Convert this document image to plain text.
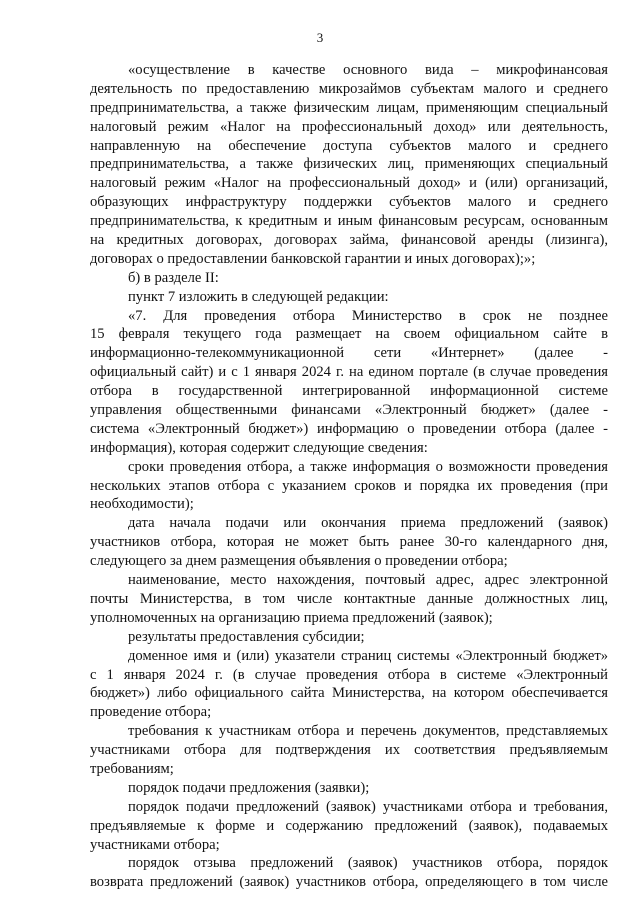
3
«осуществление в качестве основного вида – микрофинансовая
деятельность по предоставлению микрозаймов субъектам малого и среднего
предпринимательства, а также физическим лицам, применяющим специальный
налоговый режим «Налог на профессиональный доход» или деятельность,
направленную на обеспечение доступа субъектов малого и среднего
предпринимательства, а также физических лиц, применяющих специальный
налоговый режим «Налог на профессиональный доход» и (или) организаций,
образующих инфраструктуру поддержки субъектов малого и среднего
предпринимательства, к кредитным и иным финансовым ресурсам, основанным
на кредитных договорах, договорах займа, финансовой аренды (лизинга),
договорах о предоставлении банковской гарантии и иных договорах);»;
б) в разделе II:
пункт 7 изложить в следующей редакции:
«7. Для проведения отбора Министерство в срок не позднее
15 февраля текущего года размещает на своем официальном сайте в
информационно-телекоммуникационной сети «Интернет» (далее -
официальный сайт) и с 1 января 2024 г. на едином портале (в случае проведения
отбора в государственной интегрированной информационной системе
управления общественными финансами «Электронный бюджет» (далее -
система «Электронный бюджет») информацию о проведении отбора (далее -
информация), которая содержит следующие сведения:
сроки проведения отбора, а также информация о возможности проведения
нескольких этапов отбора с указанием сроков и порядка их проведения (при
необходимости);
дата начала подачи или окончания приема предложений (заявок)
участников отбора, которая не может быть ранее 30-го календарного дня,
следующего за днем размещения объявления о проведении отбора;
наименование, место нахождения, почтовый адрес, адрес электронной
почты Министерства, в том числе контактные данные должностных лиц,
уполномоченных на организацию приема предложений (заявок);
результаты предоставления субсидии;
доменное имя и (или) указатели страниц системы «Электронный бюджет»
с 1 января 2024 г. (в случае проведения отбора в системе «Электронный
бюджет») либо официального сайта Министерства, на котором обеспечивается
проведение отбора;
требования к участникам отбора и перечень документов, представляемых
участниками отбора для подтверждения их соответствия предъявляемым
требованиям;
порядок подачи предложения (заявки);
порядок подачи предложений (заявок) участниками отбора и требования,
предъявляемые к форме и содержанию предложений (заявок), подаваемых
участниками отбора;
порядок отзыва предложений (заявок) участников отбора, порядок
возврата предложений (заявок) участников отбора, определяющего в том числе
